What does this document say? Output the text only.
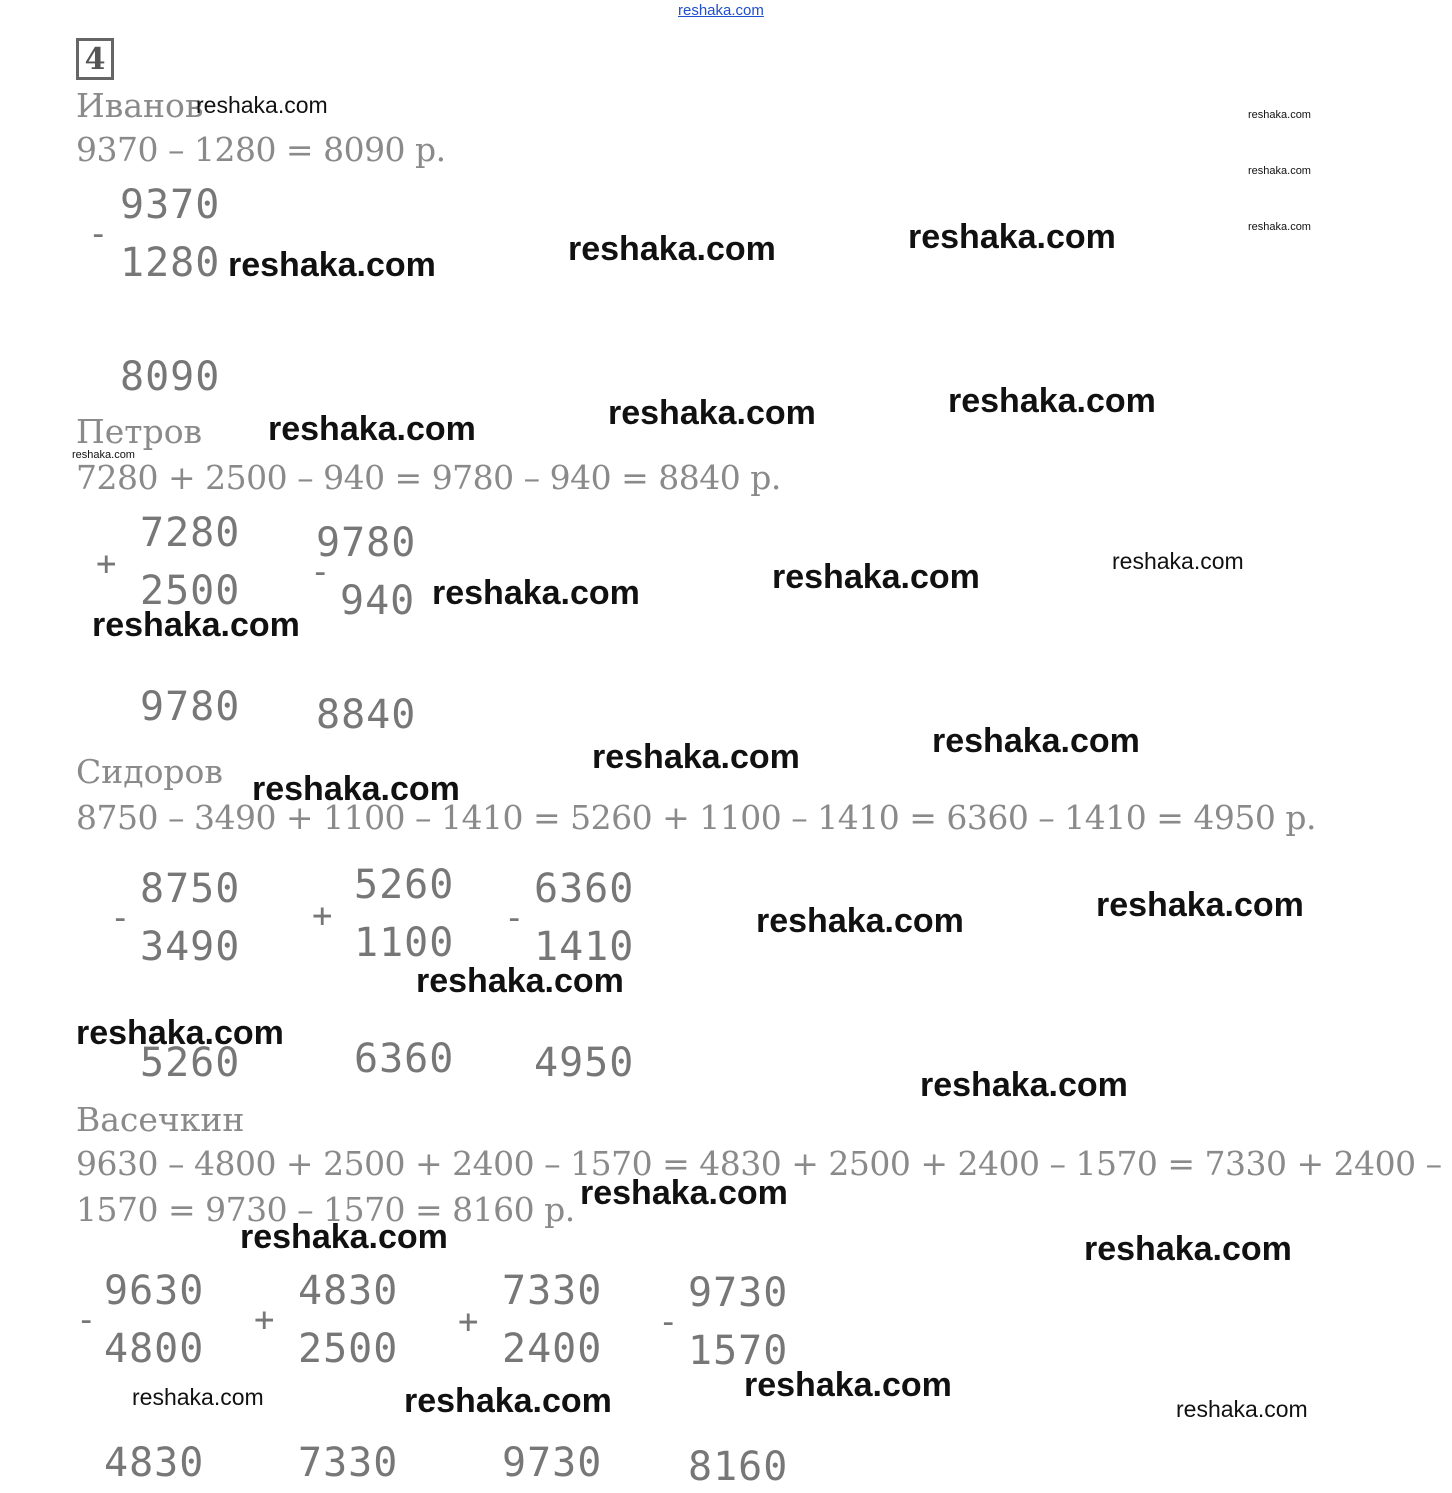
reshaka.com
4
Иванов
9370 – 1280 = 8090 р.
-
9370
1280
8090
Петров
7280 + 2500 – 940 = 9780 – 940 = 8840 р.
+
7280
2500
9780
-
9780
940
8840
Сидоров
8750 – 3490 + 1100 – 1410 = 5260 + 1100 – 1410 = 6360 – 1410 = 4950 р.
-
8750
3490
5260
+
5260
1100
6360
-
6360
1410
4950
Васечкин
9630 – 4800 + 2500 + 2400 – 1570 = 4830 + 2500 + 2400 – 1570 = 7330 + 2400 –
1570 = 9730 – 1570 = 8160 р.
-
9630
4800
4830
+
4830
2500
7330
+
7330
2400
9730
-
9730
1570
8160
reshaka.com	reshaka.com
reshaka.com
reshaka.com
reshaka.com	reshaka.com	reshaka.com
reshaka.com	reshaka.com	reshaka.com
reshaka.com
reshaka.com	reshaka.com	reshaka.com
reshaka.com
reshaka.com	reshaka.com
reshaka.com
reshaka.com	reshaka.com
reshaka.com
reshaka.com
reshaka.com
reshaka.com
reshaka.com	reshaka.com
reshaka.com
reshaka.com	reshaka.com	reshaka.com
